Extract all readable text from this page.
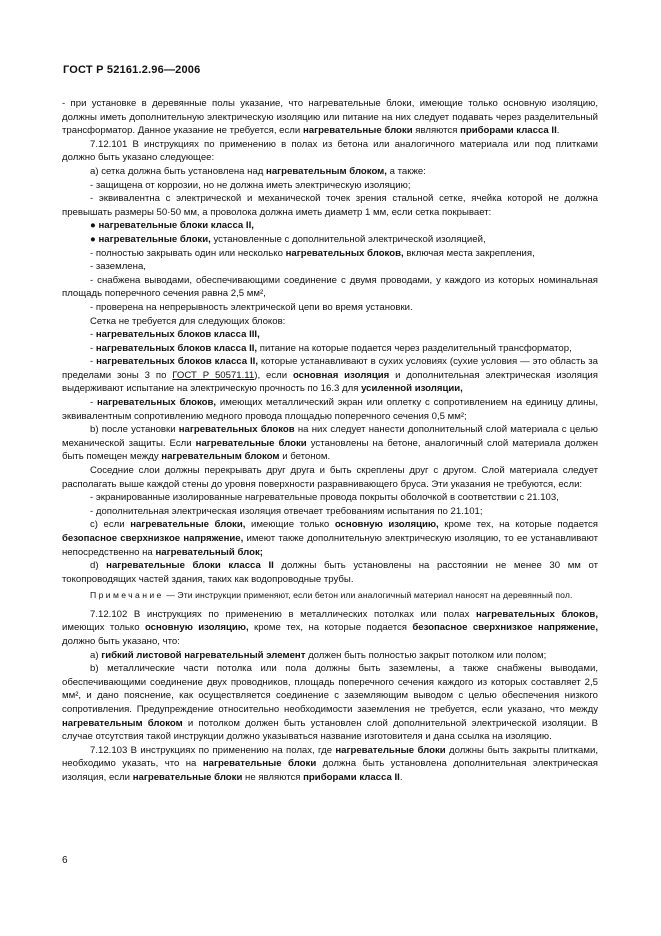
ГОСТ Р 52161.2.96—2006

- при установке в деревянные полы указание, что нагревательные блоки, имеющие только основную изоляцию, должны иметь дополнительную электрическую изоляцию или питание на них следует подавать через разделительный трансформатор. Данное указание не требуется, если нагревательные блоки являются приборами класса II.

7.12.101 В инструкциях по применению в полах из бетона или аналогичного материала или под плитками должно быть указано следующее:

а) сетка должна быть установлена над нагревательным блоком, а также:

- защищена от коррозии, но не должна иметь электрическую изоляцию;

- эквивалентна с электрической и механической точек зрения стальной сетке, ячейка которой не должна превышать размеры 50·50 мм, а проволока должна иметь диаметр 1 мм, если сетка покрывает:

● нагревательные блоки класса II,

● нагревательные блоки, установленные с дополнительной электрической изоляцией,

- полностью закрывать один или несколько нагревательных блоков, включая места закрепления,

- заземлена,

- снабжена выводами, обеспечивающими соединение с двумя проводами, у каждого из которых номинальная площадь поперечного сечения равна 2,5 мм²,

- проверена на непрерывность электрической цепи во время установки.

Сетка не требуется для следующих блоков:

- нагревательных блоков класса III,

- нагревательных блоков класса II, питание на которые подается через разделительный трансформатор,

- нагревательных блоков класса II, которые устанавливают в сухих условиях (сухие условия — это область за пределами зоны 3 по ГОСТ Р 50571.11), если основная изоляция и дополнительная электрическая изоляция выдерживают испытание на электрическую прочность по 16.3 для усиленной изоляции,

- нагревательных блоков, имеющих металлический экран или оплетку с сопротивлением на единицу длины, эквивалентным сопротивлению медного провода площадью поперечного сечения 0,5 мм²;

b) после установки нагревательных блоков на них следует нанести дополнительный слой материала с целью механической защиты. Если нагревательные блоки установлены на бетоне, аналогичный слой материала должен быть помещен между нагревательным блоком и бетоном.

Соседние слои должны перекрывать друг друга и быть скреплены друг с другом. Слой материала следует располагать выше каждой стены до уровня поверхности разравнивающего бруса. Эти указания не требуются, если:

- экранированные изолированные нагревательные провода покрыты оболочкой в соответствии с 21.103,

- дополнительная электрическая изоляция отвечает требованиям испытания по 21.101;

с) если нагревательные блоки, имеющие только основную изоляцию, кроме тех, на которые подается безопасное сверхнизкое напряжение, имеют также дополнительную электрическую изоляцию, то ее устанавливают непосредственно на нагревательный блок;

d) нагревательные блоки класса II должны быть установлены на расстоянии не менее 30 мм от токопроводящих частей здания, таких как водопроводные трубы.

Примечание — Эти инструкции применяют, если бетон или аналогичный материал наносят на деревянный пол.

7.12.102 В инструкциях по применению в металлических потолках или полах нагревательных блоков, имеющих только основную изоляцию, кроме тех, на которые подается безопасное сверхнизкое напряжение, должно быть указано, что:

а) гибкий листовой нагревательный элемент должен быть полностью закрыт потолком или полом;

b) металлические части потолка или пола должны быть заземлены, а также снабжены выводами, обеспечивающими соединение двух проводников, площадь поперечного сечения каждого из которых составляет 2,5 мм², и дано пояснение, как осуществляется соединение с заземляющим выводом с целью обеспечения низкого сопротивления. Предупреждение относительно необходимости заземления не требуется, если указано, что между нагревательным блоком и потолком должен быть установлен слой дополнительной электрической изоляции. В случае отсутствия такой инструкции должно указываться название изготовителя и дана ссылка на изоляцию.

7.12.103 В инструкциях по применению на полах, где нагревательные блоки должны быть закрыты плитками, необходимо указать, что на нагревательные блоки должна быть установлена дополнительная электрическая изоляция, если нагревательные блоки не являются приборами класса II.

6
